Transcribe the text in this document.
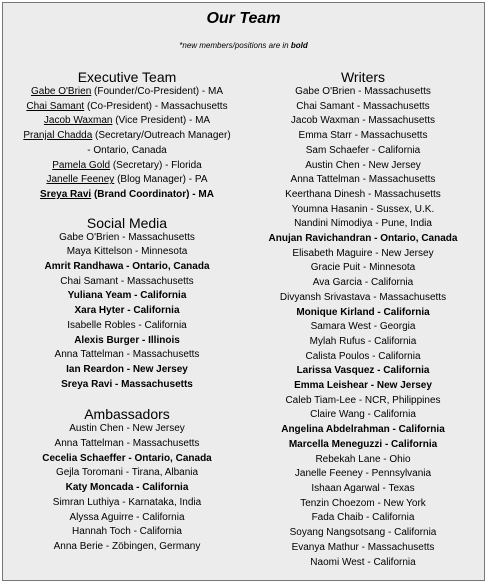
Our Team
*new members/positions are in bold
Executive Team
Gabe O'Brien (Founder/Co-President) - MA
Chai Samant (Co-President) - Massachusetts
Jacob Waxman (Vice President) - MA
Pranjal Chadda (Secretary/Outreach Manager)
- Ontario, Canada
Pamela Gold (Secretary) - Florida
Janelle Feeney (Blog Manager) - PA
Sreya Ravi (Brand Coordinator) - MA
Social Media
Gabe O'Brien - Massachusetts
Maya Kittelson - Minnesota
Amrit Randhawa - Ontario, Canada
Chai Samant - Massachusetts
Yuliana Yeam - California
Xara Hyter - California
Isabelle Robles - California
Alexis Burger - Illinois
Anna Tattelman - Massachusetts
Ian Reardon - New Jersey
Sreya Ravi - Massachusetts
Ambassadors
Austin Chen - New Jersey
Anna Tattelman - Massachusetts
Cecelia Schaeffer - Ontario, Canada
Gejla Toromani - Tirana, Albania
Katy Moncada - California
Simran Luthiya - Karnataka, India
Alyssa Aguirre - California
Hannah Toch - California
Anna Berie - Zöbingen, Germany
Writers
Gabe O'Brien - Massachusetts
Chai Samant - Massachusetts
Jacob Waxman - Massachusetts
Emma Starr - Massachusetts
Sam Schaefer - California
Austin Chen - New Jersey
Anna Tattelman - Massachusetts
Keerthana Dinesh - Massachusetts
Youmna Hasanin - Sussex, U.K.
Nandini Nimodiya - Pune, India
Anujan Ravichandran - Ontario, Canada
Elisabeth Maguire - New Jersey
Gracie Puit - Minnesota
Ava Garcia - California
Divyansh Srivastava - Massachusetts
Monique Kirland - California
Samara West - Georgia
Mylah Rufus - California
Calista Poulos - California
Larissa Vasquez - California
Emma Leishear - New Jersey
Caleb Tiam-Lee - NCR, Philippines
Claire Wang - California
Angelina Abdelrahman - California
Marcella Meneguzzi - California
Rebekah Lane - Ohio
Janelle Feeney - Pennsylvania
Ishaan Agarwal - Texas
Tenzin Choezom - New York
Fada Chaib - California
Soyang Nangsotsang - California
Evanya Mathur - Massachusetts
Naomi West - California
